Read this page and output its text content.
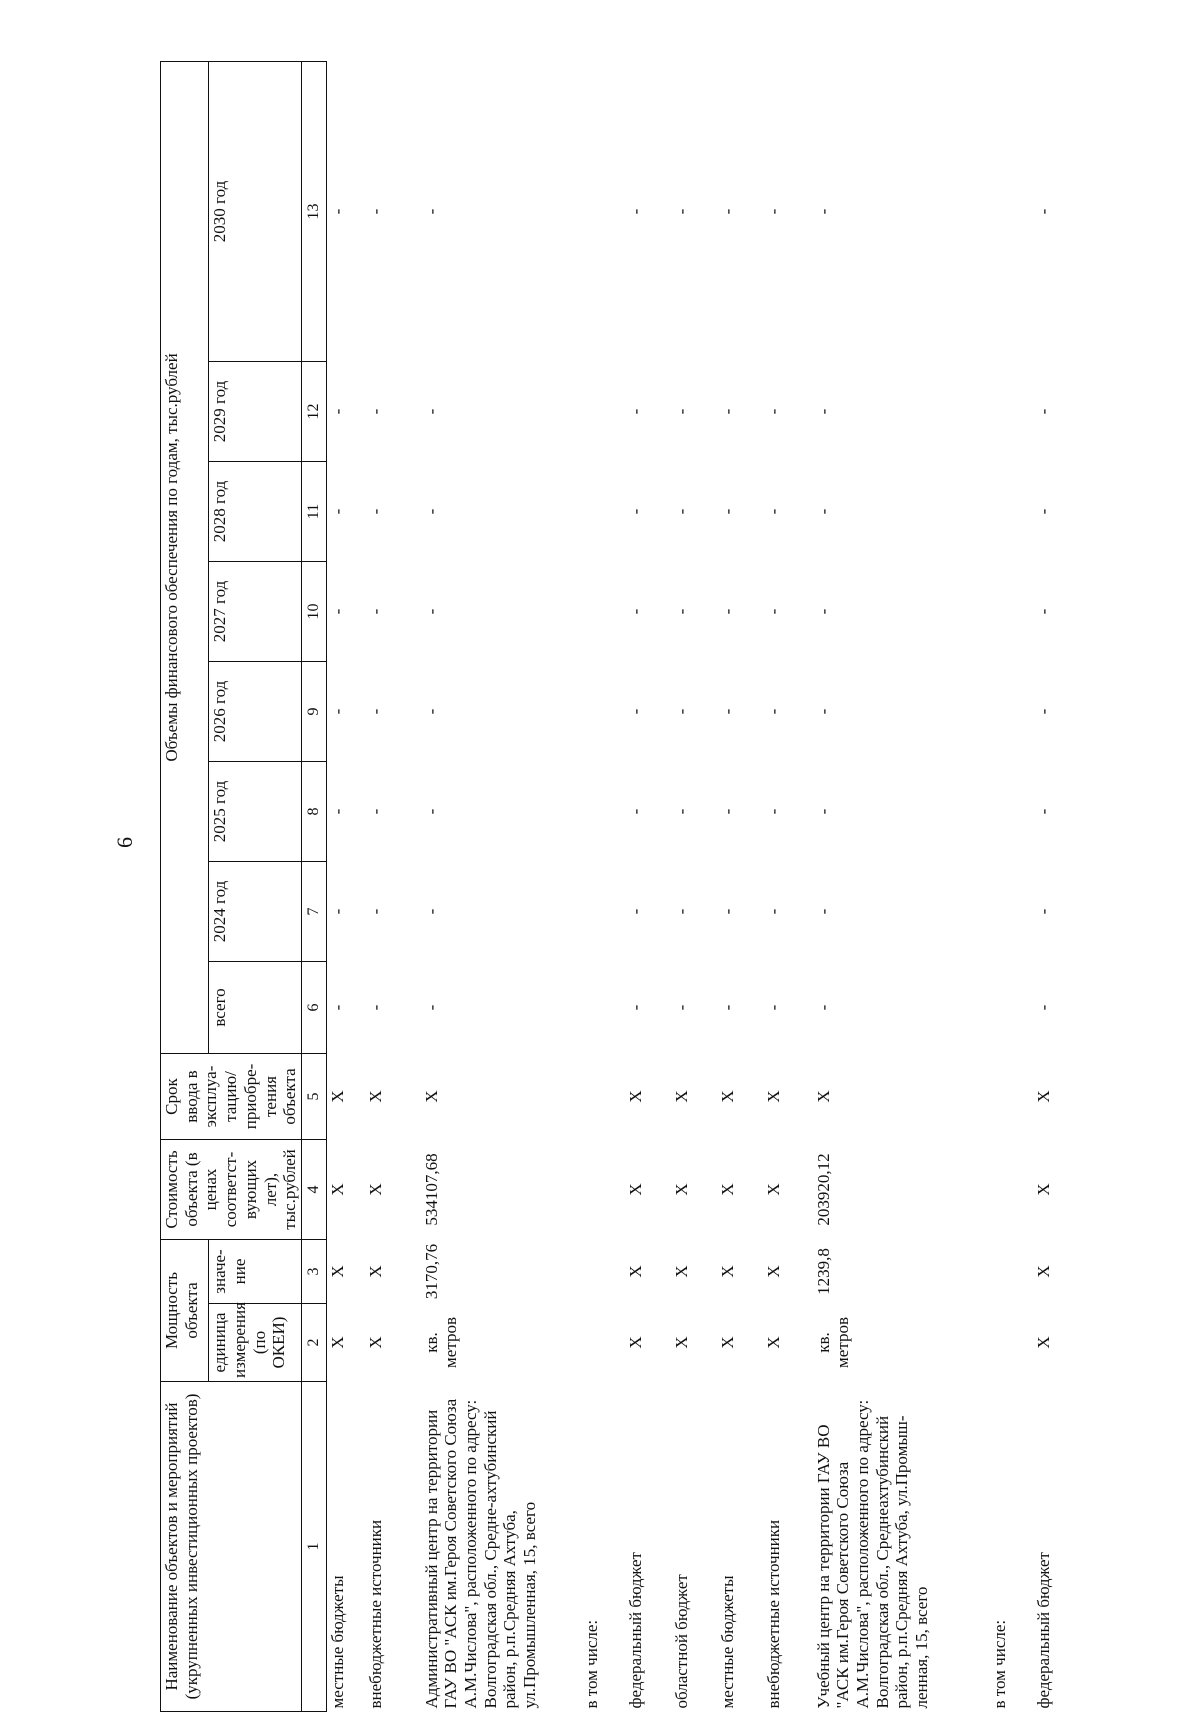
6
Наименование объектов и мероприятий (укрупненных инвестиционных проектов)	Мощность объекта		Стоимость объекта (в ценах соответст-вующих лет), тыс.рублей	Срок ввода в эксплуа-тацию/ приобре-тения объекта	Объемы финансового обеспечения по годам, тыс.рублей							
	единица измерения (по ОКЕИ)	значе-ние			всего	2024 год	2025 год	2026 год	2027 год	2028 год	2029 год	2030 год
1	2	3	4	5	6	7	8	9	10	11	12	13
местные бюджеты	Х	Х	Х	Х	-	-	-	-	-	-	-	-
внебюджетные источники	Х	Х	Х	Х	-	-	-	-	-	-	-	-
Административный центр на территории ГАУ ВО "АСК им.Героя Советского Союза А.М.Числова", расположенного по адресу: Волгоградская обл., Средне-ахтубинский район, р.п.Средняя Ахтуба, ул.Промышленная, 15, всего	кв. метров	3170,76	534107,68	Х	-	-	-	-	-	-	-	-
в том числе:												
федеральный бюджет	Х	Х	Х	Х	-	-	-	-	-	-	-	-
областной бюджет	Х	Х	Х	Х	-	-	-	-	-	-	-	-
местные бюджеты	Х	Х	Х	Х	-	-	-	-	-	-	-	-
внебюджетные источники	Х	Х	Х	Х	-	-	-	-	-	-	-	-
Учебный центр на территории ГАУ ВО "АСК им.Героя Советского Союза А.М.Числова", расположенного по адресу: Волгоградская обл., Среднеахтубинский район, р.п.Средняя Ахтуба, ул.Промыш-ленная, 15, всего	кв. метров	1239,8	203920,12	Х	-	-	-	-	-	-	-	-
в том числе:												
федеральный бюджет	Х	Х	Х	Х	-	-	-	-	-	-	-	-
